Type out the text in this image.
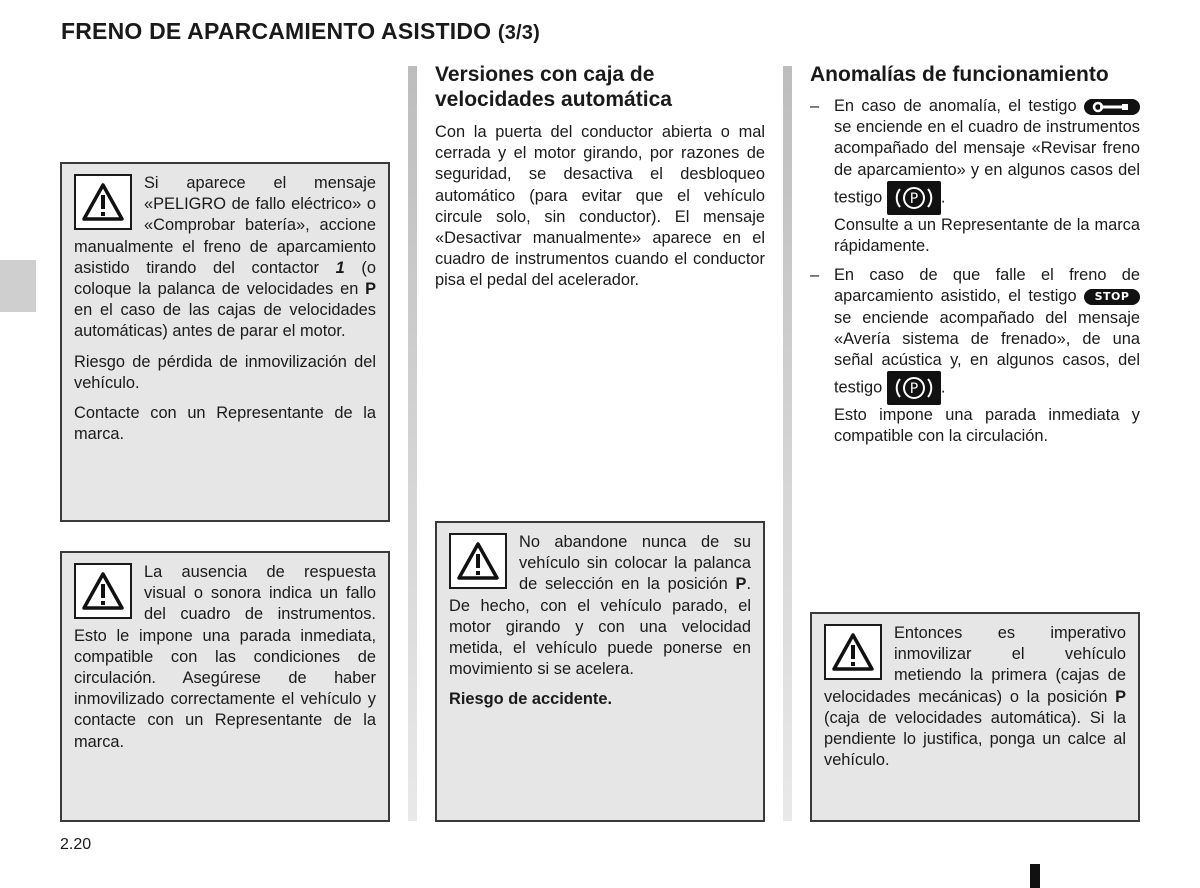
FRENO DE APARCAMIENTO ASISTIDO (3/3)

Si aparece el mensaje «PELIGRO de fallo eléctrico» o «Comprobar batería», accione manualmente el freno de aparcamiento asistido tirando del contactor 1 (o coloque la palanca de velocidades en P en el caso de las cajas de velocidades automáticas) antes de parar el motor.

Riesgo de pérdida de inmovilización del vehículo.

Contacte con un Representante de la marca.

La ausencia de respuesta visual o sonora indica un fallo del cuadro de instrumentos. Esto le impone una parada inmediata, compatible con las condiciones de circulación. Asegúrese de haber inmovilizado correctamente el vehículo y contacte con un Representante de la marca.

Versiones con caja de velocidades automática
Con la puerta del conductor abierta o mal cerrada y el motor girando, por razones de seguridad, se desactiva el desbloqueo automático (para evitar que el vehículo circule solo, sin conductor). El mensaje «Desactivar manualmente» aparece en el cuadro de instrumentos cuando el conductor pisa el pedal del acelerador.

No abandone nunca de su vehículo sin colocar la palanca de selección en la posición P. De hecho, con el vehículo parado, el motor girando y con una velocidad metida, el vehículo puede ponerse en movimiento si se acelera.

Riesgo de accidente.

Anomalías de funcionamiento
– En caso de anomalía, el testigo  se enciende en el cuadro de instrumentos acompañado del mensaje «Revisar freno de aparcamiento» y en algunos casos del testigo P .
Consulte a un Representante de la marca rápidamente.
– En caso de que falle el freno de aparcamiento asistido, el testigo STOP se enciende acompañado del mensaje «Avería sistema de frenado», de una señal acústica y, en algunos casos, del testigo P .
Esto impone una parada inmediata y compatible con la circulación.

Entonces es imperativo inmovilizar el vehículo metiendo la primera (cajas de velocidades mecánicas) o la posición P (caja de velocidades automática). Si la pendiente lo justifica, ponga un calce al vehículo.

2.20
